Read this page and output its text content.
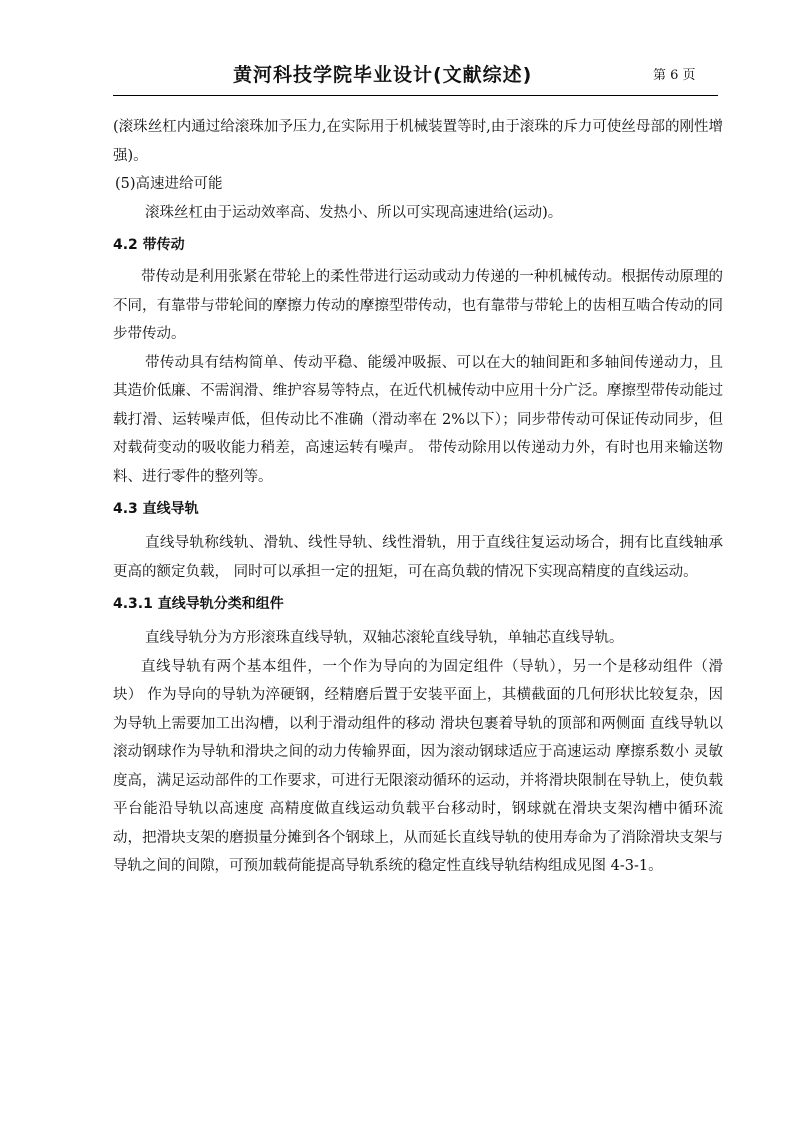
黄河科技学院毕业设计(文献综述)	第 6 页

(滚珠丝杠内通过给滚珠加予压力,在实际用于机械装置等时,由于滚珠的斥力可使丝母部的刚性增强)。

(5)高速进给可能

滚珠丝杠由于运动效率高、发热小、所以可实现高速进给(运动)。

4.2 带传动

带传动是利用张紧在带轮上的柔性带进行运动或动力传递的一种机械传动。根据传动原理的不同，有靠带与带轮间的摩擦力传动的摩擦型带传动，也有靠带与带轮上的齿相互啮合传动的同步带传动。

带传动具有结构简单、传动平稳、能缓冲吸振、可以在大的轴间距和多轴间传递动力，且其造价低廉、不需润滑、维护容易等特点，在近代机械传动中应用十分广泛。摩擦型带传动能过载打滑、运转噪声低，但传动比不准确（滑动率在 2%以下）；同步带传动可保证传动同步，但对载荷变动的吸收能力稍差，高速运转有噪声。 带传动除用以传递动力外，有时也用来输送物料、进行零件的整列等。

4.3 直线导轨

直线导轨称线轨、滑轨、线性导轨、线性滑轨，用于直线往复运动场合，拥有比直线轴承更高的额定负载， 同时可以承担一定的扭矩，可在高负载的情况下实现高精度的直线运动。

4.3.1 直线导轨分类和组件

直线导轨分为方形滚珠直线导轨，双轴芯滚轮直线导轨，单轴芯直线导轨。

直线导轨有两个基本组件，一个作为导向的为固定组件（导轨），另一个是移动组件（滑块） 作为导向的导轨为淬硬钢，经精磨后置于安装平面上，其横截面的几何形状比较复杂，因为导轨上需要加工出沟槽，以利于滑动组件的移动 滑块包裹着导轨的顶部和两侧面 直线导轨以滚动钢球作为导轨和滑块之间的动力传输界面，因为滚动钢球适应于高速运动 摩擦系数小 灵敏度高，满足运动部件的工作要求，可进行无限滚动循环的运动，并将滑块限制在导轨上，使负载平台能沿导轨以高速度 高精度做直线运动负载平台移动时，钢球就在滑块支架沟槽中循环流动，把滑块支架的磨损量分摊到各个钢球上，从而延长直线导轨的使用寿命为了消除滑块支架与导轨之间的间隙，可预加载荷能提高导轨系统的稳定性直线导轨结构组成见图 4-3-1。
